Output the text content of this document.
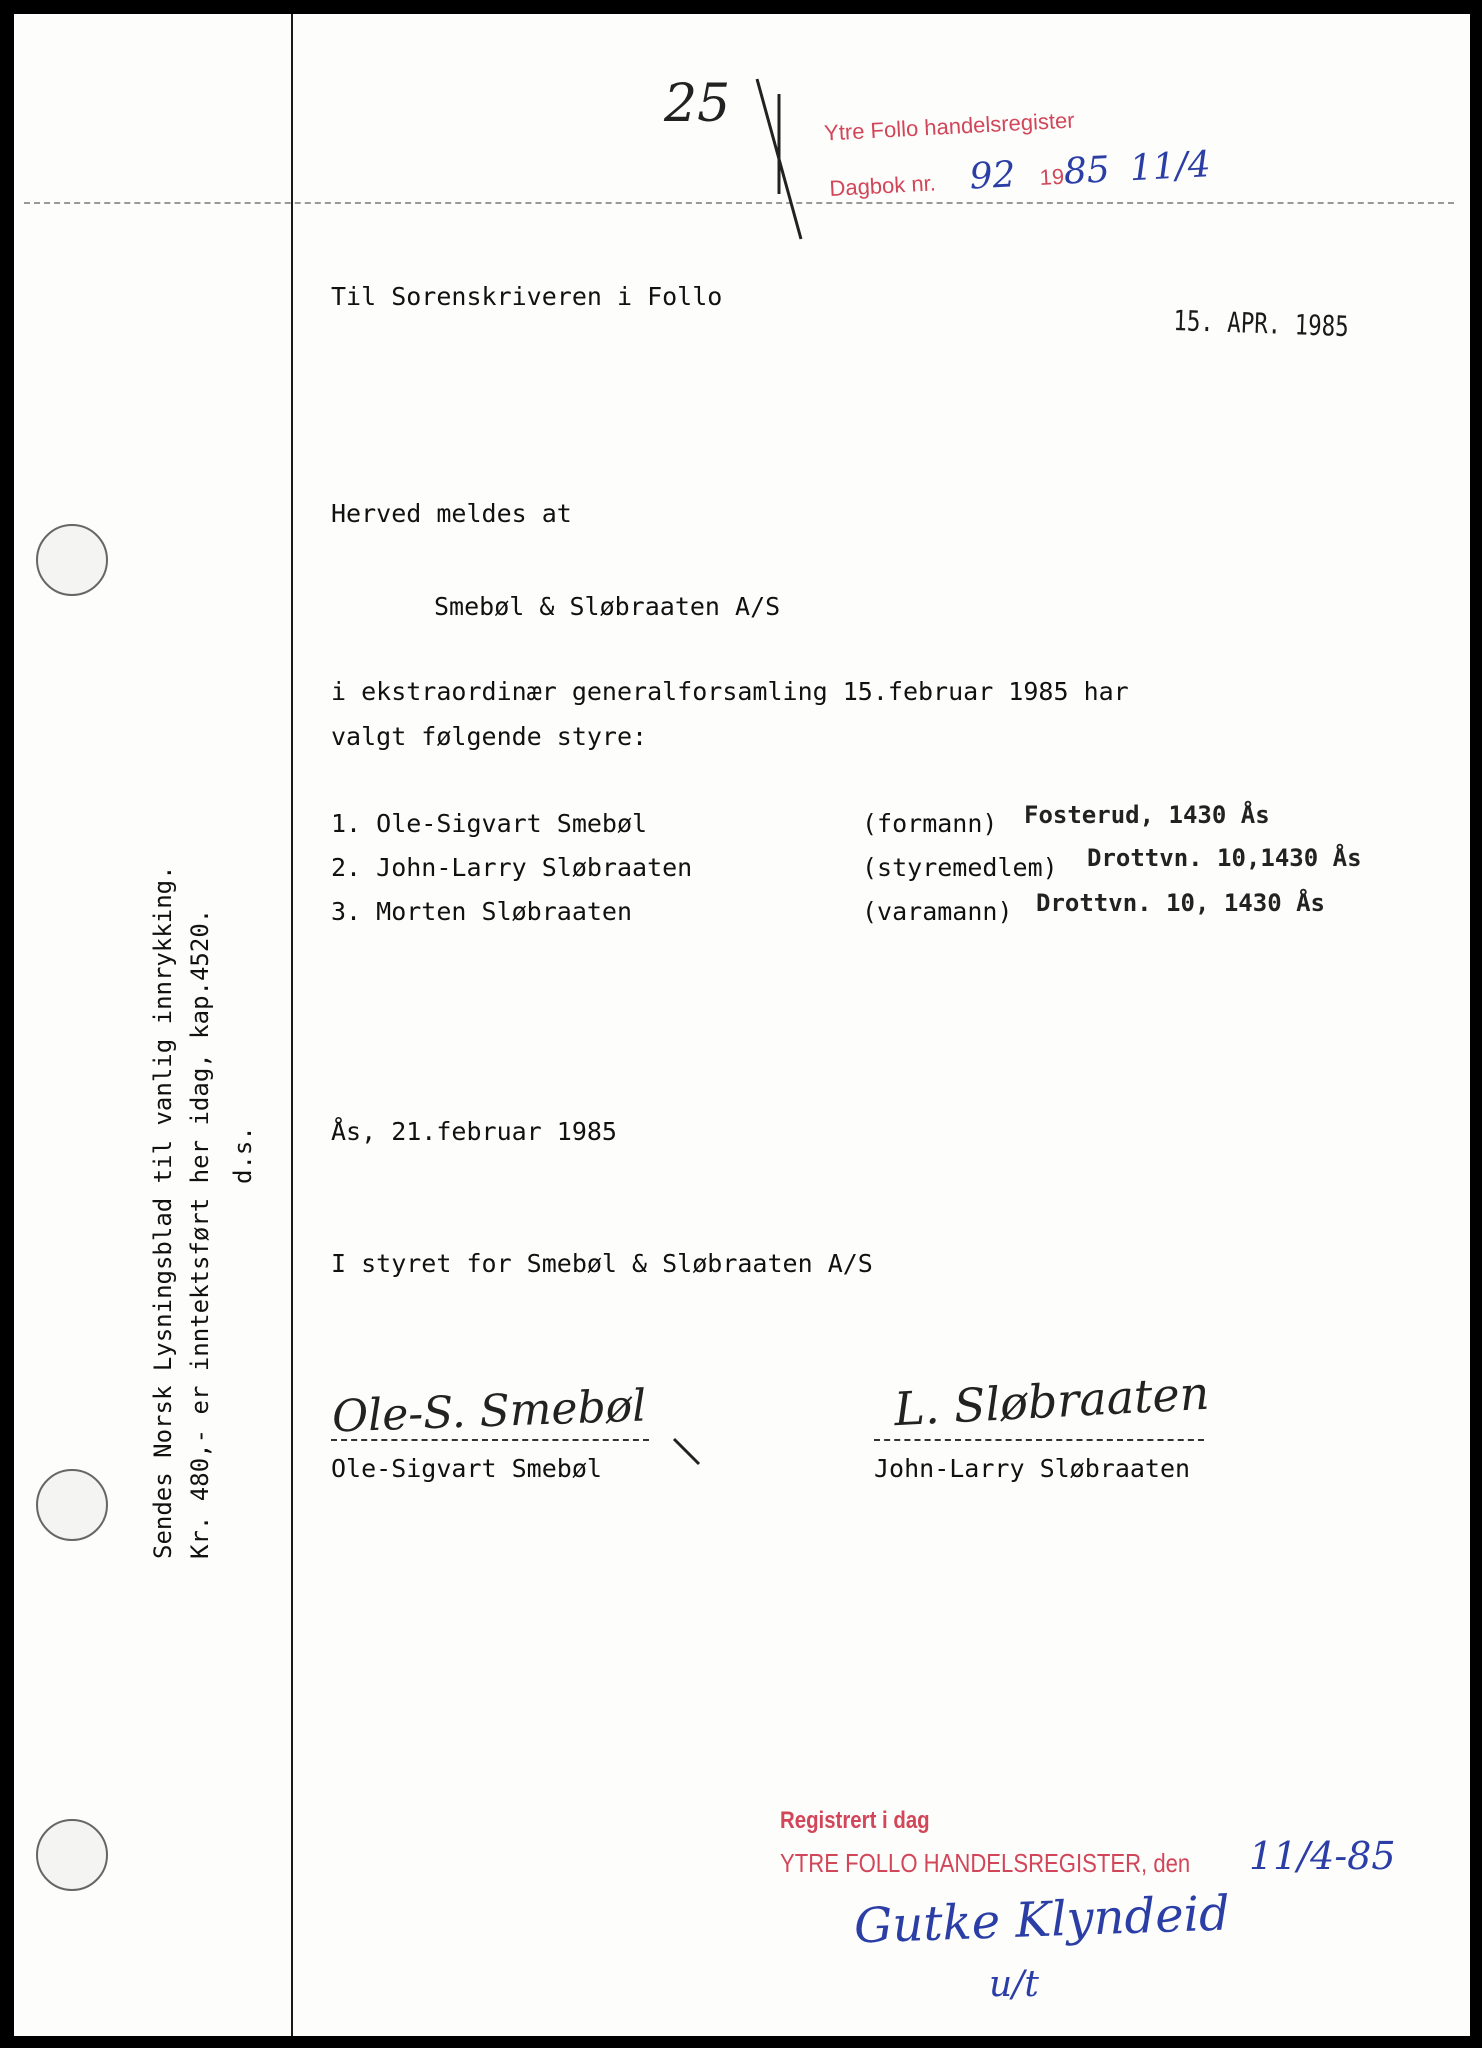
25	Ytre Follo handelsregister
Dagbok nr. 92 1985 11/4
15. APR. 1985
Til Sorenskriveren i Follo
Herved meldes at
Smebøl & Sløbraaten A/S
i ekstraordinær generalforsamling 15.februar 1985 har
valgt følgende styre:
1. Ole-Sigvart Smebøl	(formann) Fosterud, 1430 Ås
2. John-Larry Sløbraaten	(styremedlem) Drottvn. 10,1430 Ås
3. Morten Sløbraaten	(varamann) Drottvn. 10, 1430 Ås
Ås, 21.februar 1985
I styret for Smebøl & Sløbraaten A/S
Ole-S. Smebøl
Ole-Sigvart Smebøl
L. Sløbraaten
John-Larry Sløbraaten
Sendes Norsk Lysningsblad til vanlig innrykking. Kr. 480,- er inntektsført her idag, kap.4520. d.s.
Registrert i dag
YTRE FOLLO HANDELSREGISTER, den 11/4-85
Gutke Klyndeid
u/t
